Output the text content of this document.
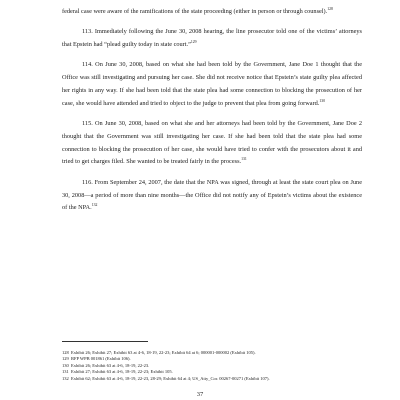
federal case were aware of the ramifications of the state proceeding (either in person or through counsel).$^{128}$

113. Immediately following the June 30, 2008 hearing, the line prosecutor told one of the victims’ attorneys that Epstein had “plead guilty today in state court.”$^{129}$

114. On June 30, 2008, based on what she had been told by the Government, Jane Doe 1 thought that the Office was still investigating and pursuing her case. She did not receive notice that Epstein’s state guilty plea affected her rights in any way. If she had been told that the state plea had some connection to blocking the prosecution of her case, she would have attended and tried to object to the judge to prevent that plea from going forward.$^{130}$

115. On June 30, 2008, based on what she and her attorneys had been told by the Government, Jane Doe 2 thought that the Government was still investigating her case. If she had been told that the state plea had some connection to blocking the prosecution of her case, she would have tried to confer with the prosecutors about it and tried to get charges filed. She wanted to be treated fairly in the process.$^{131}$

116. From September 24, 2007, the date that the NPA was signed, through at least the state court plea on June 30, 2008—a period of more than nine months—the Office did not notify any of Epstein’s victims about the existence of the NPA.$^{132}$

128 Exhibit 26; Exhibit 27; Exhibit 63 at 4-6, 18-19, 22-23; Exhibit 64 at 6; 000001-000002 (Exhibit 105).
129 RFP WPB 001861 (Exhibit 106).
130 Exhibit 26; Exhibit 63 at 4-6, 18-19, 22-23.
131 Exhibit 27; Exhibit 63 at 4-6, 18-19, 22-23; Exhibit 105.
132 Exhibit 62; Exhibit 63 at 4-6, 18-19, 22-23, 28-29; Exhibit 64 at 4; US_Atty_Cor. 00267-00271 (Exhibit 107).
37
